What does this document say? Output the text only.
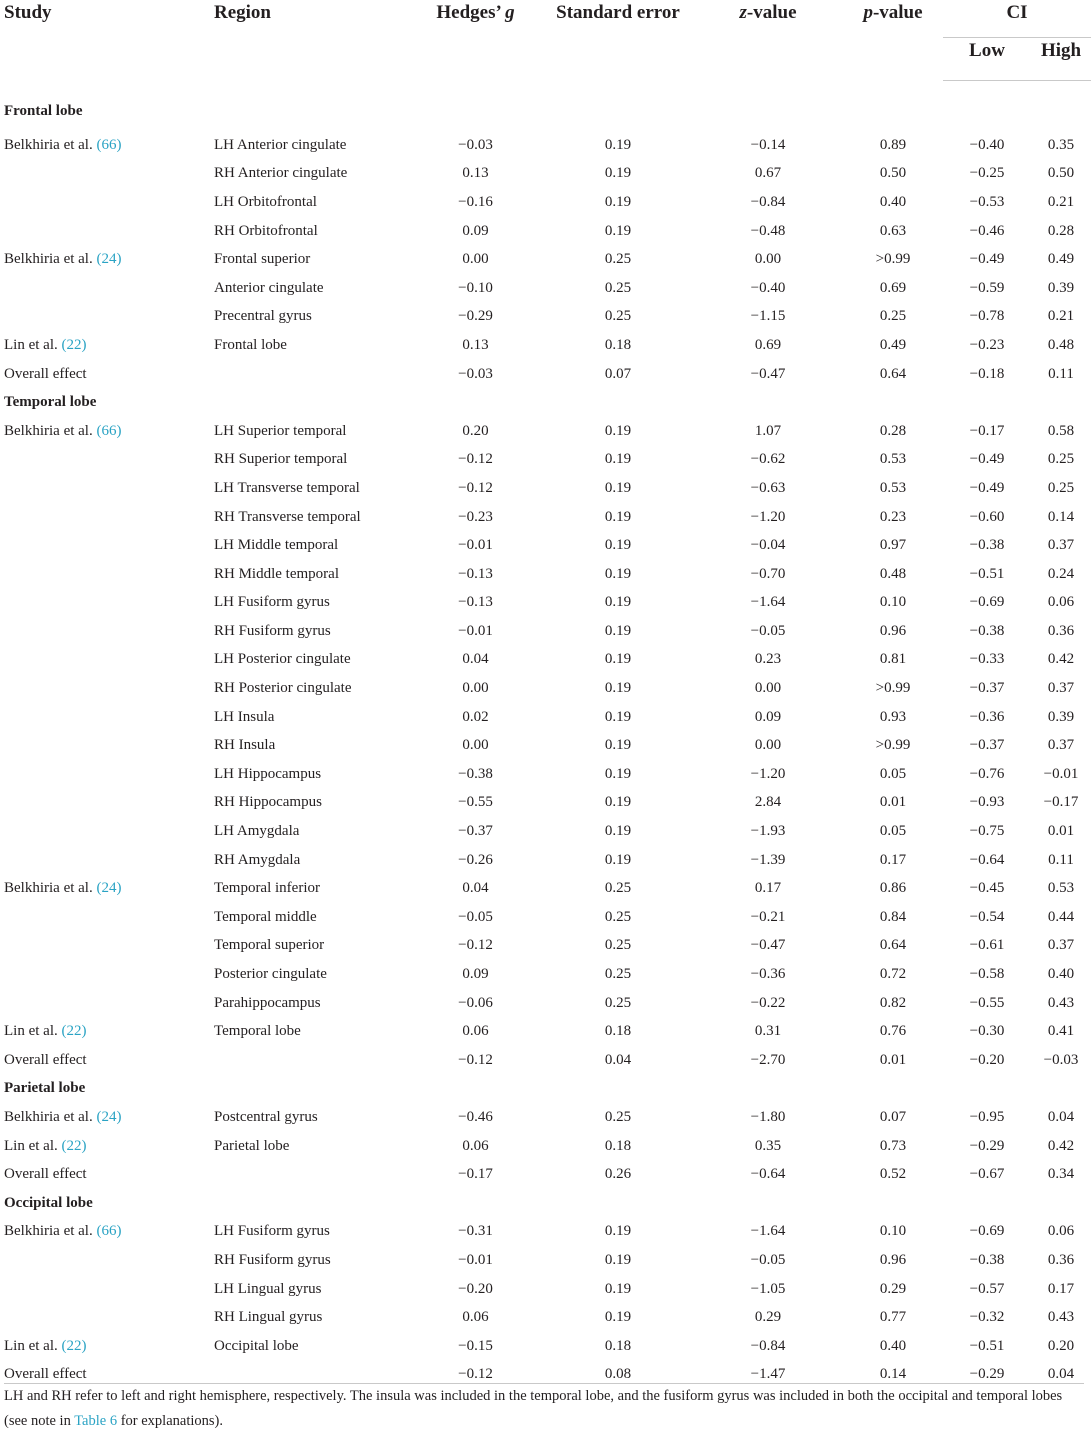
Study	Region	Hedges’ g	Standard error	z-value	p-value	CI	
						Low	High
Frontal lobe							
Belkhiria et al. (66)	LH Anterior cingulate	−0.03	0.19	−0.14	0.89	−0.40	0.35
	RH Anterior cingulate	0.13	0.19	0.67	0.50	−0.25	0.50
	LH Orbitofrontal	−0.16	0.19	−0.84	0.40	−0.53	0.21
	RH Orbitofrontal	0.09	0.19	−0.48	0.63	−0.46	0.28
Belkhiria et al. (24)	Frontal superior	0.00	0.25	0.00	>0.99	−0.49	0.49
	Anterior cingulate	−0.10	0.25	−0.40	0.69	−0.59	0.39
	Precentral gyrus	−0.29	0.25	−1.15	0.25	−0.78	0.21
Lin et al. (22)	Frontal lobe	0.13	0.18	0.69	0.49	−0.23	0.48
Overall effect		−0.03	0.07	−0.47	0.64	−0.18	0.11
Temporal lobe							
Belkhiria et al. (66)	LH Superior temporal	0.20	0.19	1.07	0.28	−0.17	0.58
	RH Superior temporal	−0.12	0.19	−0.62	0.53	−0.49	0.25
	LH Transverse temporal	−0.12	0.19	−0.63	0.53	−0.49	0.25
	RH Transverse temporal	−0.23	0.19	−1.20	0.23	−0.60	0.14
	LH Middle temporal	−0.01	0.19	−0.04	0.97	−0.38	0.37
	RH Middle temporal	−0.13	0.19	−0.70	0.48	−0.51	0.24
	LH Fusiform gyrus	−0.13	0.19	−1.64	0.10	−0.69	0.06
	RH Fusiform gyrus	−0.01	0.19	−0.05	0.96	−0.38	0.36
	LH Posterior cingulate	0.04	0.19	0.23	0.81	−0.33	0.42
	RH Posterior cingulate	0.00	0.19	0.00	>0.99	−0.37	0.37
	LH Insula	0.02	0.19	0.09	0.93	−0.36	0.39
	RH Insula	0.00	0.19	0.00	>0.99	−0.37	0.37
	LH Hippocampus	−0.38	0.19	−1.20	0.05	−0.76	−0.01
	RH Hippocampus	−0.55	0.19	2.84	0.01	−0.93	−0.17
	LH Amygdala	−0.37	0.19	−1.93	0.05	−0.75	0.01
	RH Amygdala	−0.26	0.19	−1.39	0.17	−0.64	0.11
Belkhiria et al. (24)	Temporal inferior	0.04	0.25	0.17	0.86	−0.45	0.53
	Temporal middle	−0.05	0.25	−0.21	0.84	−0.54	0.44
	Temporal superior	−0.12	0.25	−0.47	0.64	−0.61	0.37
	Posterior cingulate	0.09	0.25	−0.36	0.72	−0.58	0.40
	Parahippocampus	−0.06	0.25	−0.22	0.82	−0.55	0.43
Lin et al. (22)	Temporal lobe	0.06	0.18	0.31	0.76	−0.30	0.41
Overall effect		−0.12	0.04	−2.70	0.01	−0.20	−0.03
Parietal lobe							
Belkhiria et al. (24)	Postcentral gyrus	−0.46	0.25	−1.80	0.07	−0.95	0.04
Lin et al. (22)	Parietal lobe	0.06	0.18	0.35	0.73	−0.29	0.42
Overall effect		−0.17	0.26	−0.64	0.52	−0.67	0.34
Occipital lobe							
Belkhiria et al. (66)	LH Fusiform gyrus	−0.31	0.19	−1.64	0.10	−0.69	0.06
	RH Fusiform gyrus	−0.01	0.19	−0.05	0.96	−0.38	0.36
	LH Lingual gyrus	−0.20	0.19	−1.05	0.29	−0.57	0.17
	RH Lingual gyrus	0.06	0.19	0.29	0.77	−0.32	0.43
Lin et al. (22)	Occipital lobe	−0.15	0.18	−0.84	0.40	−0.51	0.20
Overall effect		−0.12	0.08	−1.47	0.14	−0.29	0.04
LH and RH refer to left and right hemisphere, respectively. The insula was included in the temporal lobe, and the fusiform gyrus was included in both the occipital and temporal lobes (see note in Table 6 for explanations).
